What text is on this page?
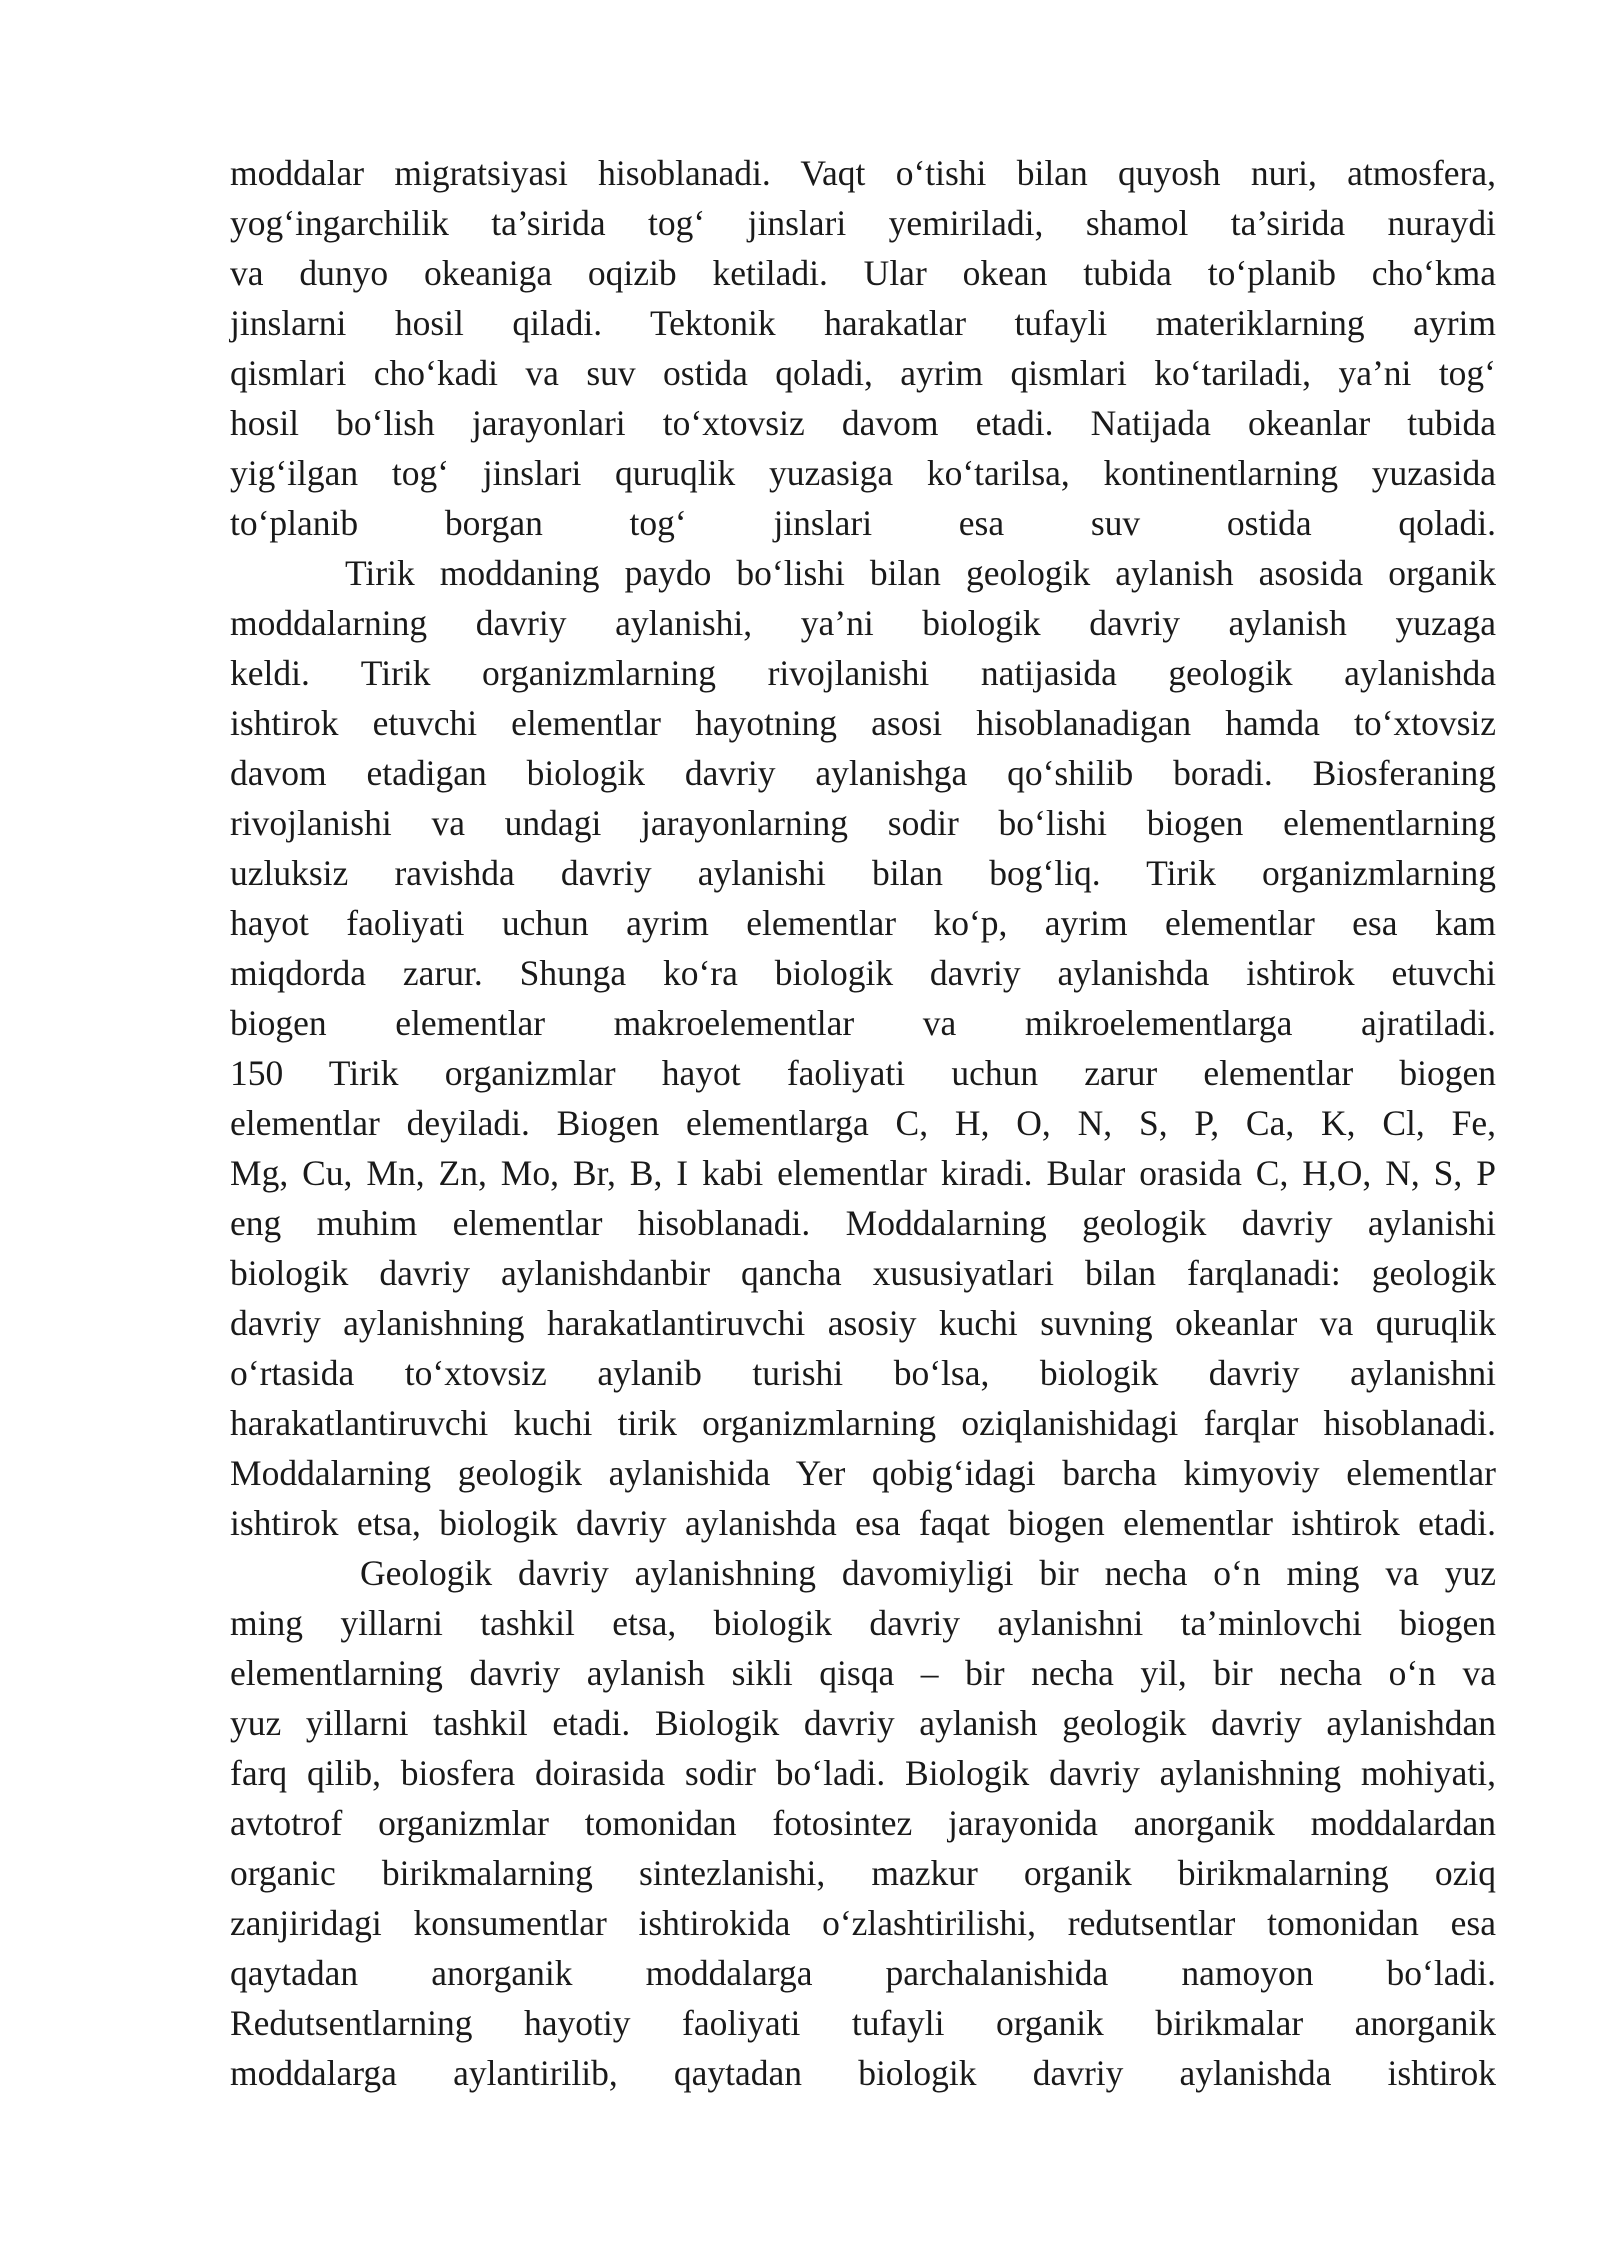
moddalar migratsiyasi hisoblanadi. Vaqt o‘tishi bilan quyosh nuri, atmosfera,
yog‘ingarchilik ta’sirida tog‘ jinslari yemiriladi, shamol ta’sirida nuraydi
va dunyo okeaniga oqizib ketiladi. Ular okean tubida to‘planib cho‘kma
jinslarni hosil qiladi. Tektonik harakatlar tufayli materiklarning ayrim
qismlari cho‘kadi va suv ostida qoladi, ayrim qismlari ko‘tariladi, ya’ni tog‘
hosil bo‘lish jarayonlari to‘xtovsiz davom etadi. Natijada okeanlar tubida
yig‘ilgan tog‘ jinslari quruqlik yuzasiga ko‘tarilsa, kontinentlarning yuzasida
to‘planib borgan tog‘ jinslari esa suv ostida qoladi.
Tirik moddaning paydo bo‘lishi bilan geologik aylanish asosida organik
moddalarning davriy aylanishi, ya’ni biologik davriy aylanish yuzaga
keldi. Tirik organizmlarning rivojlanishi natijasida geologik aylanishda
ishtirok etuvchi elementlar hayotning asosi hisoblanadigan hamda to‘xtovsiz
davom etadigan biologik davriy aylanishga qo‘shilib boradi. Biosferaning
rivojlanishi va undagi jarayonlarning sodir bo‘lishi biogen elementlarning
uzluksiz ravishda davriy aylanishi bilan bog‘liq. Tirik organizmlarning
hayot faoliyati uchun ayrim elementlar ko‘p, ayrim elementlar esa kam
miqdorda zarur. Shunga ko‘ra biologik davriy aylanishda ishtirok etuvchi
biogen elementlar makroelementlar va mikroelementlarga ajratiladi.
150 Tirik organizmlar hayot faoliyati uchun zarur elementlar biogen
elementlar deyiladi. Biogen elementlarga C, H, O, N, S, P, Ca, K, Cl, Fe,
Mg, Cu, Mn, Zn, Mo, Br, B, I kabi elementlar kiradi. Bular orasida C, H,O, N, S, P
eng muhim elementlar hisoblanadi. Moddalarning geologik davriy aylanishi
biologik davriy aylanishdanbir qancha xususiyatlari bilan farqlanadi: geologik
davriy aylanishning harakatlantiruvchi asosiy kuchi suvning okeanlar va quruqlik
o‘rtasida to‘xtovsiz aylanib turishi bo‘lsa, biologik davriy aylanishni
harakatlantiruvchi kuchi tirik organizmlarning oziqlanishidagi farqlar hisoblanadi.
Moddalarning geologik aylanishida Yer qobig‘idagi barcha kimyoviy elementlar
ishtirok etsa, biologik davriy aylanishda esa faqat biogen elementlar ishtirok etadi.
Geologik davriy aylanishning davomiyligi bir necha o‘n ming va yuz
ming yillarni tashkil etsa, biologik davriy aylanishni ta’minlovchi biogen
elementlarning davriy aylanish sikli qisqa – bir necha yil, bir necha o‘n va
yuz yillarni tashkil etadi. Biologik davriy aylanish geologik davriy aylanishdan
farq qilib, biosfera doirasida sodir bo‘ladi. Biologik davriy aylanishning mohiyati,
avtotrof organizmlar tomonidan fotosintez jarayonida anorganik moddalardan
organic birikmalarning sintezlanishi, mazkur organik birikmalarning oziq
zanjiridagi konsumentlar ishtirokida o‘zlashtirilishi, redutsentlar tomonidan esa
qaytadan anorganik moddalarga parchalanishida namoyon bo‘ladi.
Redutsentlarning hayotiy faoliyati tufayli organik birikmalar anorganik
moddalarga aylantirilib, qaytadan biologik davriy aylanishda ishtirok
